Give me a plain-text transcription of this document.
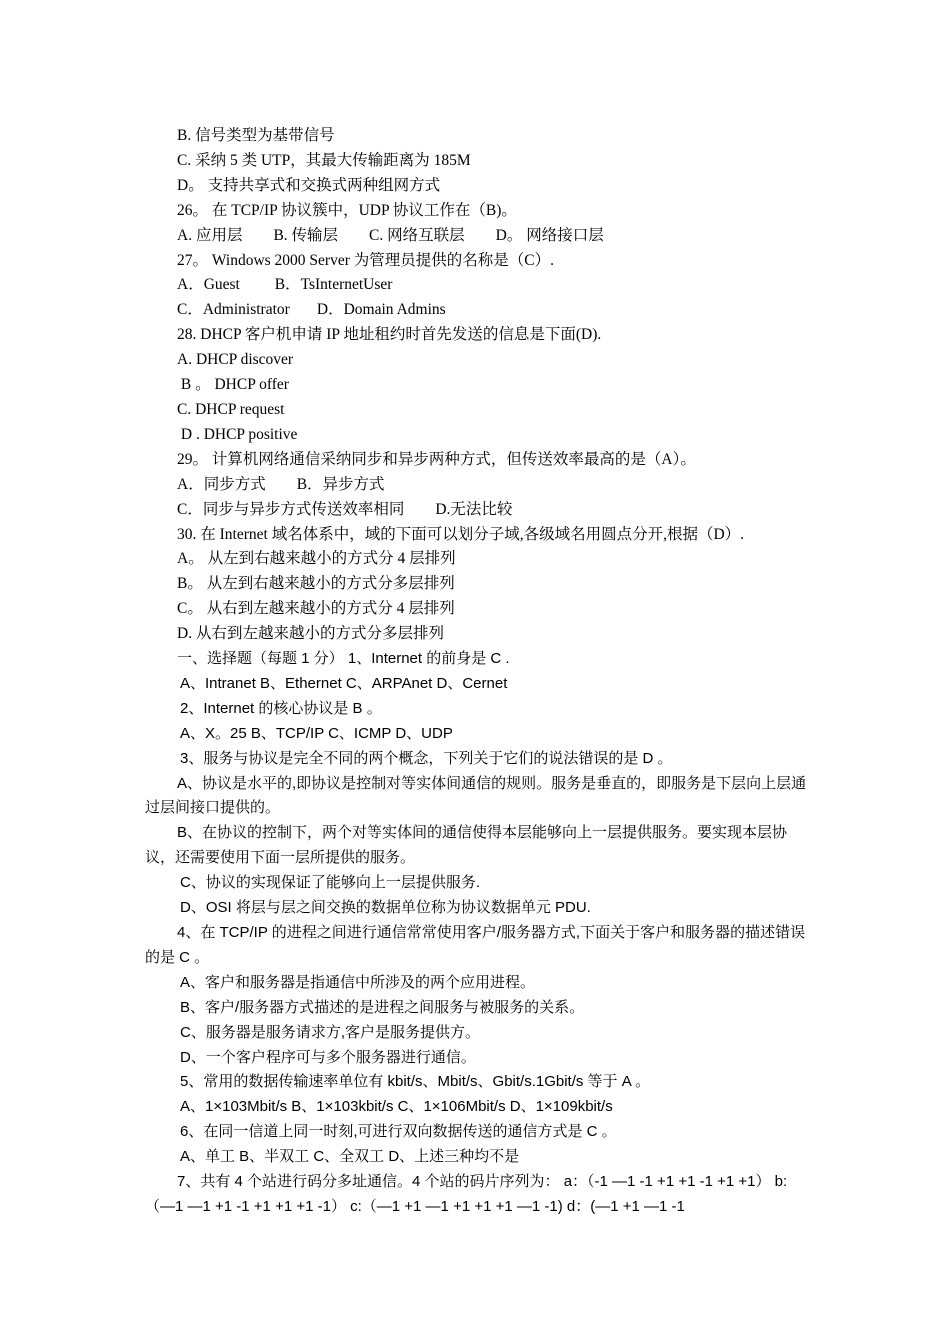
B. 信号类型为基带信号
C. 采纳 5 类 UTP，其最大传输距离为 185M
D。 支持共享式和交换式两种组网方式
26。 在 TCP/IP 协议簇中，UDP 协议工作在（B)。
A. 应用层        B. 传输层        C. 网络互联层        D。 网络接口层
27。 Windows 2000 Server 为管理员提供的名称是（C）.
A．Guest         B．TsInternetUser
C．Administrator       D．Domain Admins
28. DHCP 客户机申请 IP 地址租约时首先发送的信息是下面(D).
A. DHCP discover
B 。 DHCP offer
C. DHCP request
D . DHCP positive
29。 计算机网络通信采纳同步和异步两种方式，但传送效率最高的是（A）。
A．同步方式        B．异步方式
C．同步与异步方式传送效率相同        D.无法比较
30. 在 Internet 域名体系中，域的下面可以划分子域,各级域名用圆点分开,根据（D）.
A。 从左到右越来越小的方式分 4 层排列
B。 从左到右越来越小的方式分多层排列
C。 从右到左越来越小的方式分 4 层排列
D. 从右到左越来越小的方式分多层排列
一、选择题（每题 1 分） 1、Internet 的前身是 C .
A、Intranet B、Ethernet C、ARPAnet D、Cernet
2、Internet 的核心协议是 B 。
A、X。25 B、TCP/IP C、ICMP D、UDP
3、服务与协议是完全不同的两个概念，下列关于它们的说法错误的是 D 。
A、协议是水平的,即协议是控制对等实体间通信的规则。服务是垂直的，即服务是下层向上层通过层间接口提供的。
B、在协议的控制下，两个对等实体间的通信使得本层能够向上一层提供服务。要实现本层协议，还需要使用下面一层所提供的服务。
C、协议的实现保证了能够向上一层提供服务.
D、OSI 将层与层之间交换的数据单位称为协议数据单元 PDU.
4、在 TCP/IP 的进程之间进行通信常常使用客户/服务器方式,下面关于客户和服务器的描述错误的是 C 。
A、客户和服务器是指通信中所涉及的两个应用进程。
B、客户/服务器方式描述的是进程之间服务与被服务的关系。
C、服务器是服务请求方,客户是服务提供方。
D、一个客户程序可与多个服务器进行通信。
5、常用的数据传输速率单位有 kbit/s、Mbit/s、Gbit/s.1Gbit/s 等于 A 。
A、1×103Mbit/s B、1×103kbit/s C、1×106Mbit/s D、1×109kbit/s
6、在同一信道上同一时刻,可进行双向数据传送的通信方式是 C 。
A、单工 B、半双工 C、全双工 D、上述三种均不是
7、共有 4 个站进行码分多址通信。4 个站的码片序列为： a：（-1 —1 -1 +1 +1 -1 +1 +1） b:（—1 —1 +1 -1 +1 +1 +1 -1） c:（—1 +1 —1 +1 +1 +1 —1 -1) d：(—1 +1 —1 -1
